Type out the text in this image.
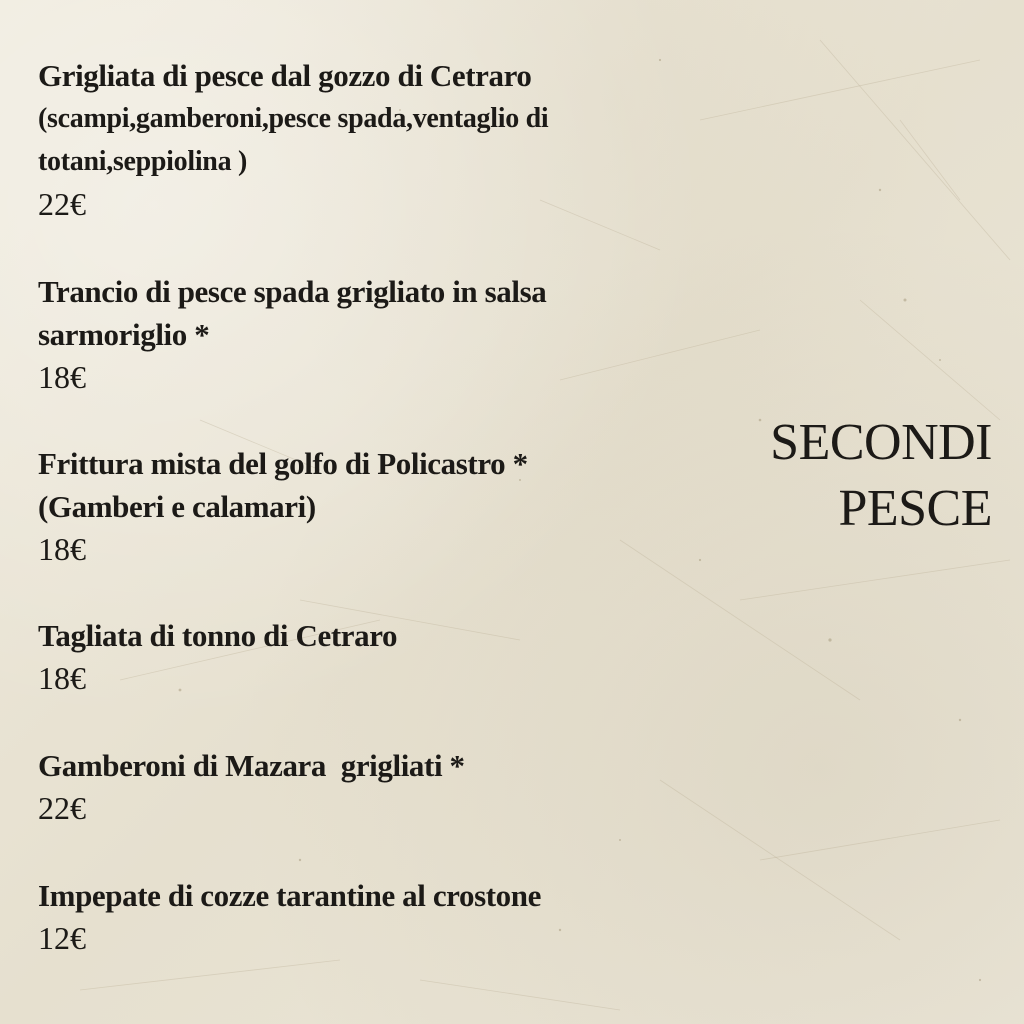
Grigliata di pesce dal gozzo di Cetraro

(scampi,gamberoni,pesce spada,ventaglio di

totani,seppiolina )

22€

Trancio di pesce spada grigliato in salsa

sarmoriglio *

18€

Frittura mista del golfo di Policastro *

(Gamberi e calamari)

18€

Tagliata di tonno di Cetraro

18€

Gamberoni di Mazara  grigliati *

22€

Impepate di cozze tarantine al crostone

12€

SECONDI
PESCE
